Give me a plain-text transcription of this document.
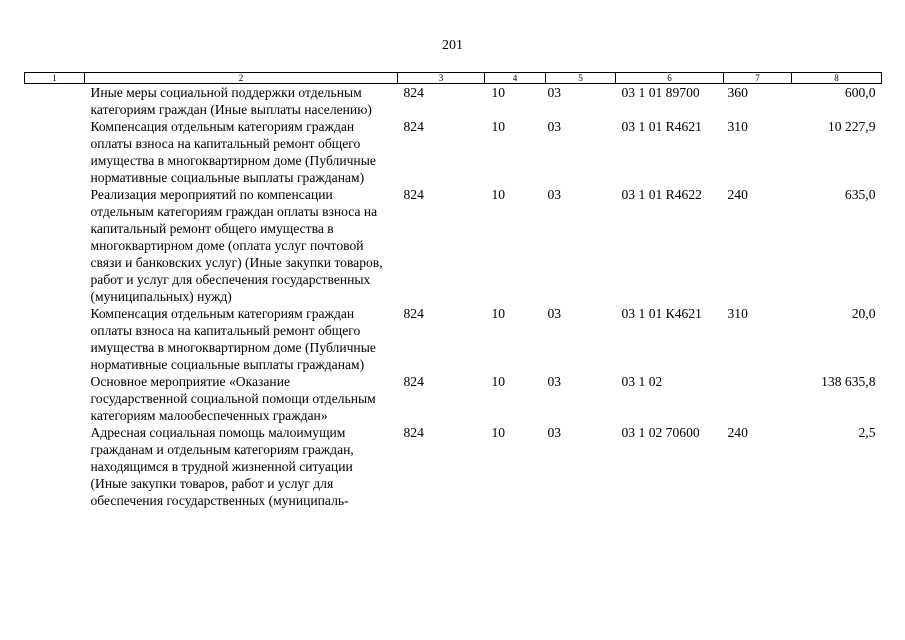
201
1	2	3	4	5	6	7	8
	Иные меры социальной поддержки отдельным категориям граждан (Иные выплаты населению)	824	10	03	03 1 01 89700	360	600,0
	Компенсация отдельным категориям граждан оплаты взноса на капитальный ремонт общего имущества в многоквартирном доме (Публичные нормативные социальные выплаты гражданам)	824	10	03	03 1 01 R4621	310	10 227,9
	Реализация мероприятий по компенсации отдельным категориям граждан оплаты взноса на капитальный ремонт общего имущества в многоквартирном доме (оплата услуг почтовой связи и банковских услуг) (Иные закупки товаров, работ и услуг для обеспечения государственных (муниципальных) нужд)	824	10	03	03 1 01 R4622	240	635,0
	Компенсация отдельным категориям граждан оплаты взноса на капитальный ремонт общего имущества в многоквартирном доме (Публичные нормативные социальные выплаты гражданам)	824	10	03	03 1 01 К4621	310	20,0
	Основное мероприятие «Оказание государственной социальной помощи отдельным категориям малообеспеченных граждан»	824	10	03	03 1 02		138 635,8
	Адресная социальная помощь малоимущим гражданам и отдельным категориям граждан, находящимся в трудной жизненной ситуации (Иные закупки товаров, работ и услуг для обеспечения государственных (муниципаль-	824	10	03	03 1 02 70600	240	2,5
